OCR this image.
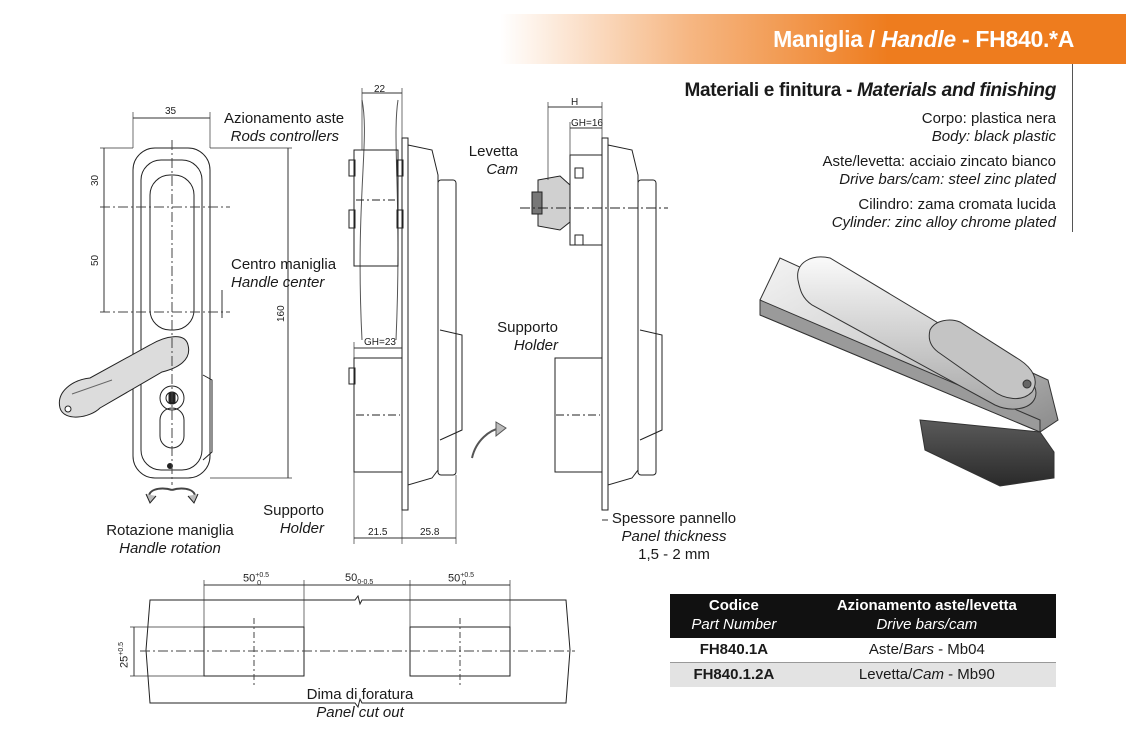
Maniglia / Handle - FH840.*A
Materiali e finitura - Materials and finishing
Corpo: plastica nera
Body: black plastic
Aste/levetta: acciaio zincato bianco
Drive bars/cam: steel zinc plated
Cilindro: zama cromata lucida
Cylinder: zinc alloy chrome plated
35
30
50
160
22
GH=23
21.5	25.8
H
GH=16
$50^{+0.5}_0$	$50_{0-0.5}$	$50^{+0.5}_0$
$25^{+0.5}$
Azionamento aste
Rods controllers
Levetta
Cam
Centro maniglia
Handle center
Supporto
Holder
Supporto
Holder
Rotazione maniglia
Handle rotation
Spessore pannello
Panel thickness
1,5 - 2 mm
Dima di foratura
Panel cut out
Codice	Azionamento aste/levetta
Part Number	Drive bars/cam
FH840.1A	Aste/Bars - Mb04
FH840.1.2A	Levetta/Cam - Mb90
